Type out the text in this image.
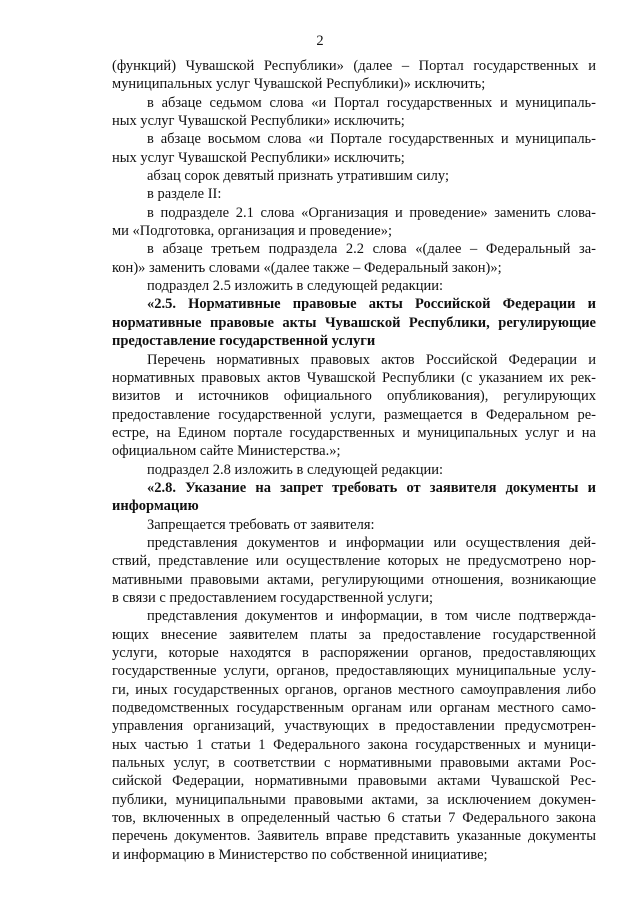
2
(функций) Чувашской Республики» (далее – Портал государственных и
муниципальных услуг Чувашской Республики)» исключить;
в абзаце седьмом слова «и Портал государственных и муниципаль-
ных услуг Чувашской Республики» исключить;
в абзаце восьмом слова «и Портале государственных и муниципаль-
ных услуг Чувашской Республики» исключить;
абзац сорок девятый признать утратившим силу;
в разделе II:
в подразделе 2.1 слова «Организация и проведение» заменить слова-
ми «Подготовка, организация и проведение»;
в абзаце третьем подраздела 2.2 слова «(далее – Федеральный за-
кон)» заменить словами «(далее также – Федеральный закон)»;
подраздел 2.5 изложить в следующей редакции:
«2.5. Нормативные правовые акты Российской Федерации и
нормативные правовые акты Чувашской Республики, регулирующие
предоставление государственной услуги
Перечень нормативных правовых актов Российской Федерации и
нормативных правовых актов Чувашской Республики (с указанием их рек-
визитов и источников официального опубликования), регулирующих
предоставление государственной услуги, размещается в Федеральном ре-
естре, на Едином портале государственных и муниципальных услуг и на
официальном сайте Министерства.»;
подраздел 2.8 изложить в следующей редакции:
«2.8. Указание на запрет требовать от заявителя документы и
информацию
Запрещается требовать от заявителя:
представления документов и информации или осуществления дей-
ствий, представление или осуществление которых не предусмотрено нор-
мативными правовыми актами, регулирующими отношения, возникающие
в связи с предоставлением государственной услуги;
представления документов и информации, в том числе подтвержда-
ющих внесение заявителем платы за предоставление государственной
услуги, которые находятся в распоряжении органов, предоставляющих
государственные услуги, органов, предоставляющих муниципальные услу-
ги, иных государственных органов, органов местного самоуправления либо
подведомственных государственным органам или органам местного само-
управления организаций, участвующих в предоставлении предусмотрен-
ных частью 1 статьи 1 Федерального закона государственных и муници-
пальных услуг, в соответствии с нормативными правовыми актами Рос-
сийской Федерации, нормативными правовыми актами Чувашской Рес-
публики, муниципальными правовыми актами, за исключением докумен-
тов, включенных в определенный частью 6 статьи 7 Федерального закона
перечень документов. Заявитель вправе представить указанные документы
и информацию в Министерство по собственной инициативе;
